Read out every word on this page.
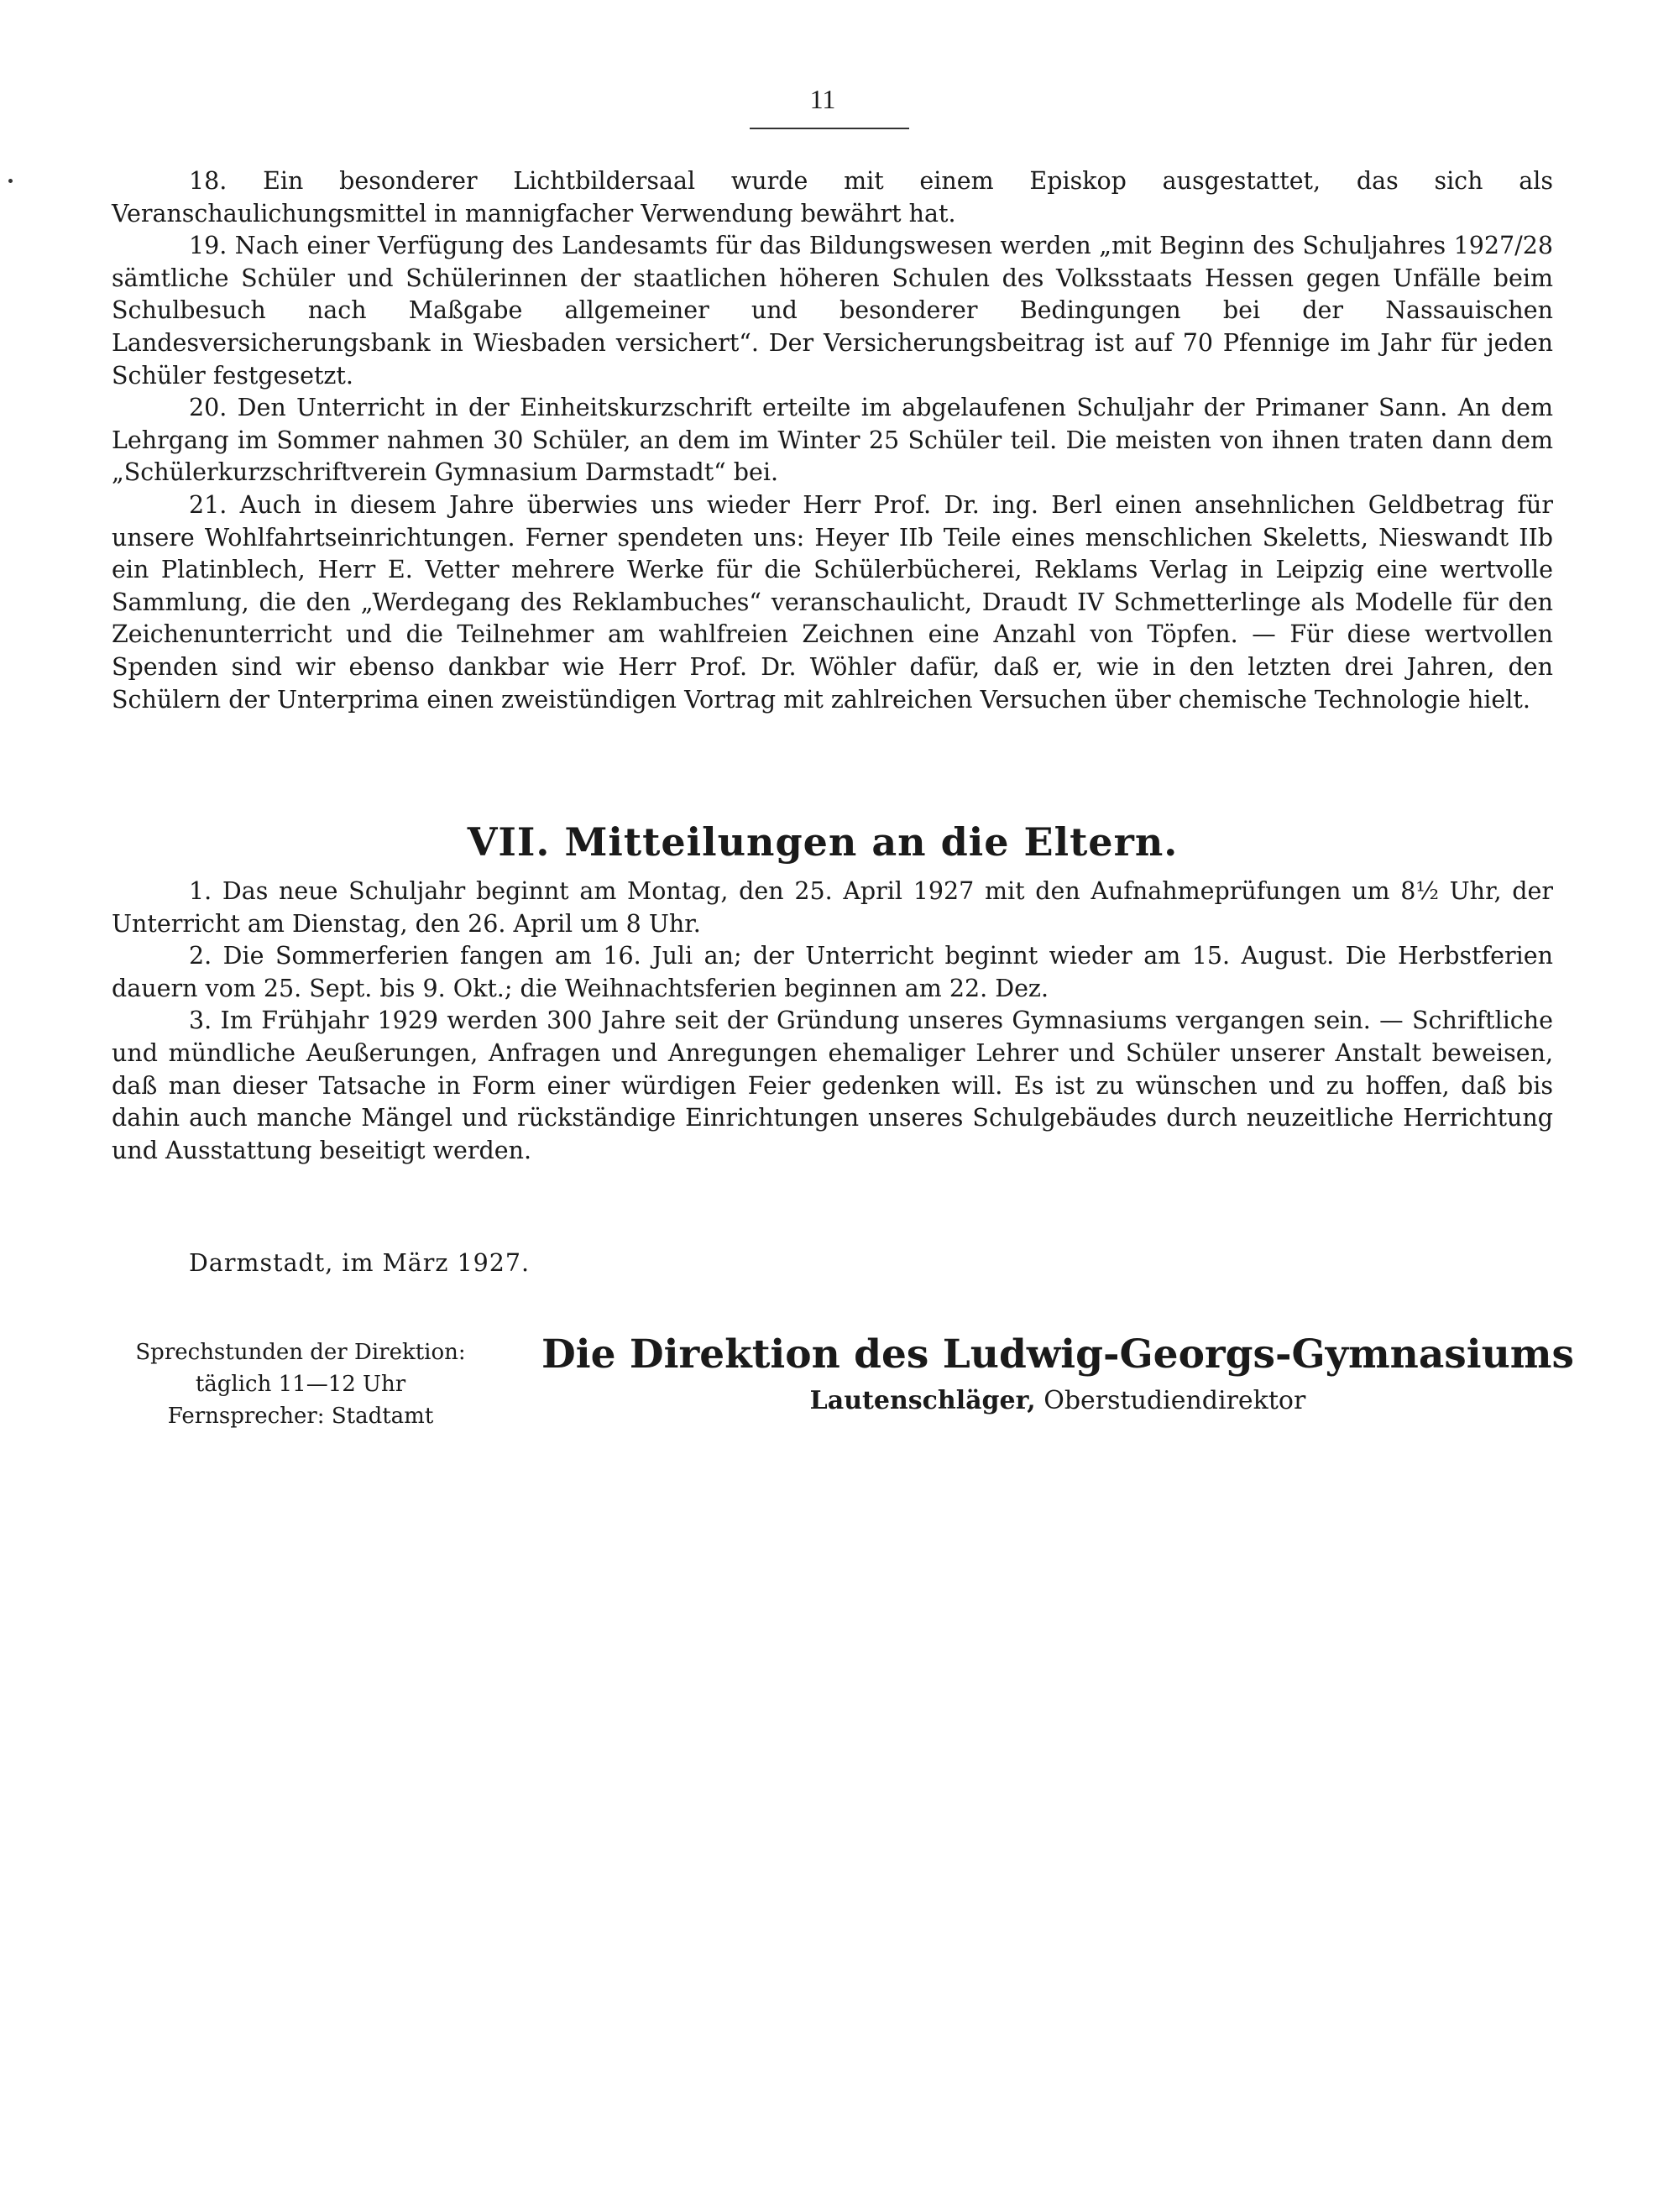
11

18. Ein besonderer Lichtbildersaal wurde mit einem Episkop ausgestattet, das sich als Veranschaulichungsmittel in mannigfacher Verwendung bewährt hat.

19. Nach einer Verfügung des Landesamts für das Bildungswesen werden „mit Beginn des Schuljahres 1927/28 sämtliche Schüler und Schülerinnen der staatlichen höheren Schulen des Volksstaats Hessen gegen Unfälle beim Schulbesuch nach Maßgabe allgemeiner und besonderer Bedingungen bei der Nassauischen Landesversicherungsbank in Wiesbaden versichert“. Der Versicherungsbeitrag ist auf 70 Pfennige im Jahr für jeden Schüler festgesetzt.

20. Den Unterricht in der Einheitskurzschrift erteilte im abgelaufenen Schuljahr der Primaner Sann. An dem Lehrgang im Sommer nahmen 30 Schüler, an dem im Winter 25 Schüler teil. Die meisten von ihnen traten dann dem „Schülerkurzschriftverein Gymnasium Darmstadt“ bei.

21. Auch in diesem Jahre überwies uns wieder Herr Prof. Dr. ing. Berl einen ansehnlichen Geldbetrag für unsere Wohlfahrtseinrichtungen. Ferner spendeten uns: Heyer IIb Teile eines menschlichen Skeletts, Nieswandt IIb ein Platinblech, Herr E. Vetter mehrere Werke für die Schülerbücherei, Reklams Verlag in Leipzig eine wertvolle Sammlung, die den „Werdegang des Reklambuches“ veranschaulicht, Draudt IV Schmetterlinge als Modelle für den Zeichenunterricht und die Teilnehmer am wahlfreien Zeichnen eine Anzahl von Töpfen. — Für diese wertvollen Spenden sind wir ebenso dankbar wie Herr Prof. Dr. Wöhler dafür, daß er, wie in den letzten drei Jahren, den Schülern der Unterprima einen zweistündigen Vortrag mit zahlreichen Versuchen über chemische Technologie hielt.

VII. Mitteilungen an die Eltern.

1. Das neue Schuljahr beginnt am Montag, den 25. April 1927 mit den Aufnahmeprüfungen um 8½ Uhr, der Unterricht am Dienstag, den 26. April um 8 Uhr.

2. Die Sommerferien fangen am 16. Juli an; der Unterricht beginnt wieder am 15. August. Die Herbstferien dauern vom 25. Sept. bis 9. Okt.; die Weihnachtsferien beginnen am 22. Dez.

3. Im Frühjahr 1929 werden 300 Jahre seit der Gründung unseres Gymnasiums vergangen sein. — Schriftliche und mündliche Aeußerungen, Anfragen und Anregungen ehemaliger Lehrer und Schüler unserer Anstalt beweisen, daß man dieser Tatsache in Form einer würdigen Feier gedenken will. Es ist zu wünschen und zu hoffen, daß bis dahin auch manche Mängel und rückständige Einrichtungen unseres Schulgebäudes durch neuzeitliche Herrichtung und Ausstattung beseitigt werden.

Darmstadt, im März 1927.
Sprechstunden der Direktion:
täglich 11—12 Uhr
Fernsprecher: Stadtamt
Die Direktion des Ludwig-Georgs-Gymnasiums
Lautenschläger, Oberstudiendirektor
